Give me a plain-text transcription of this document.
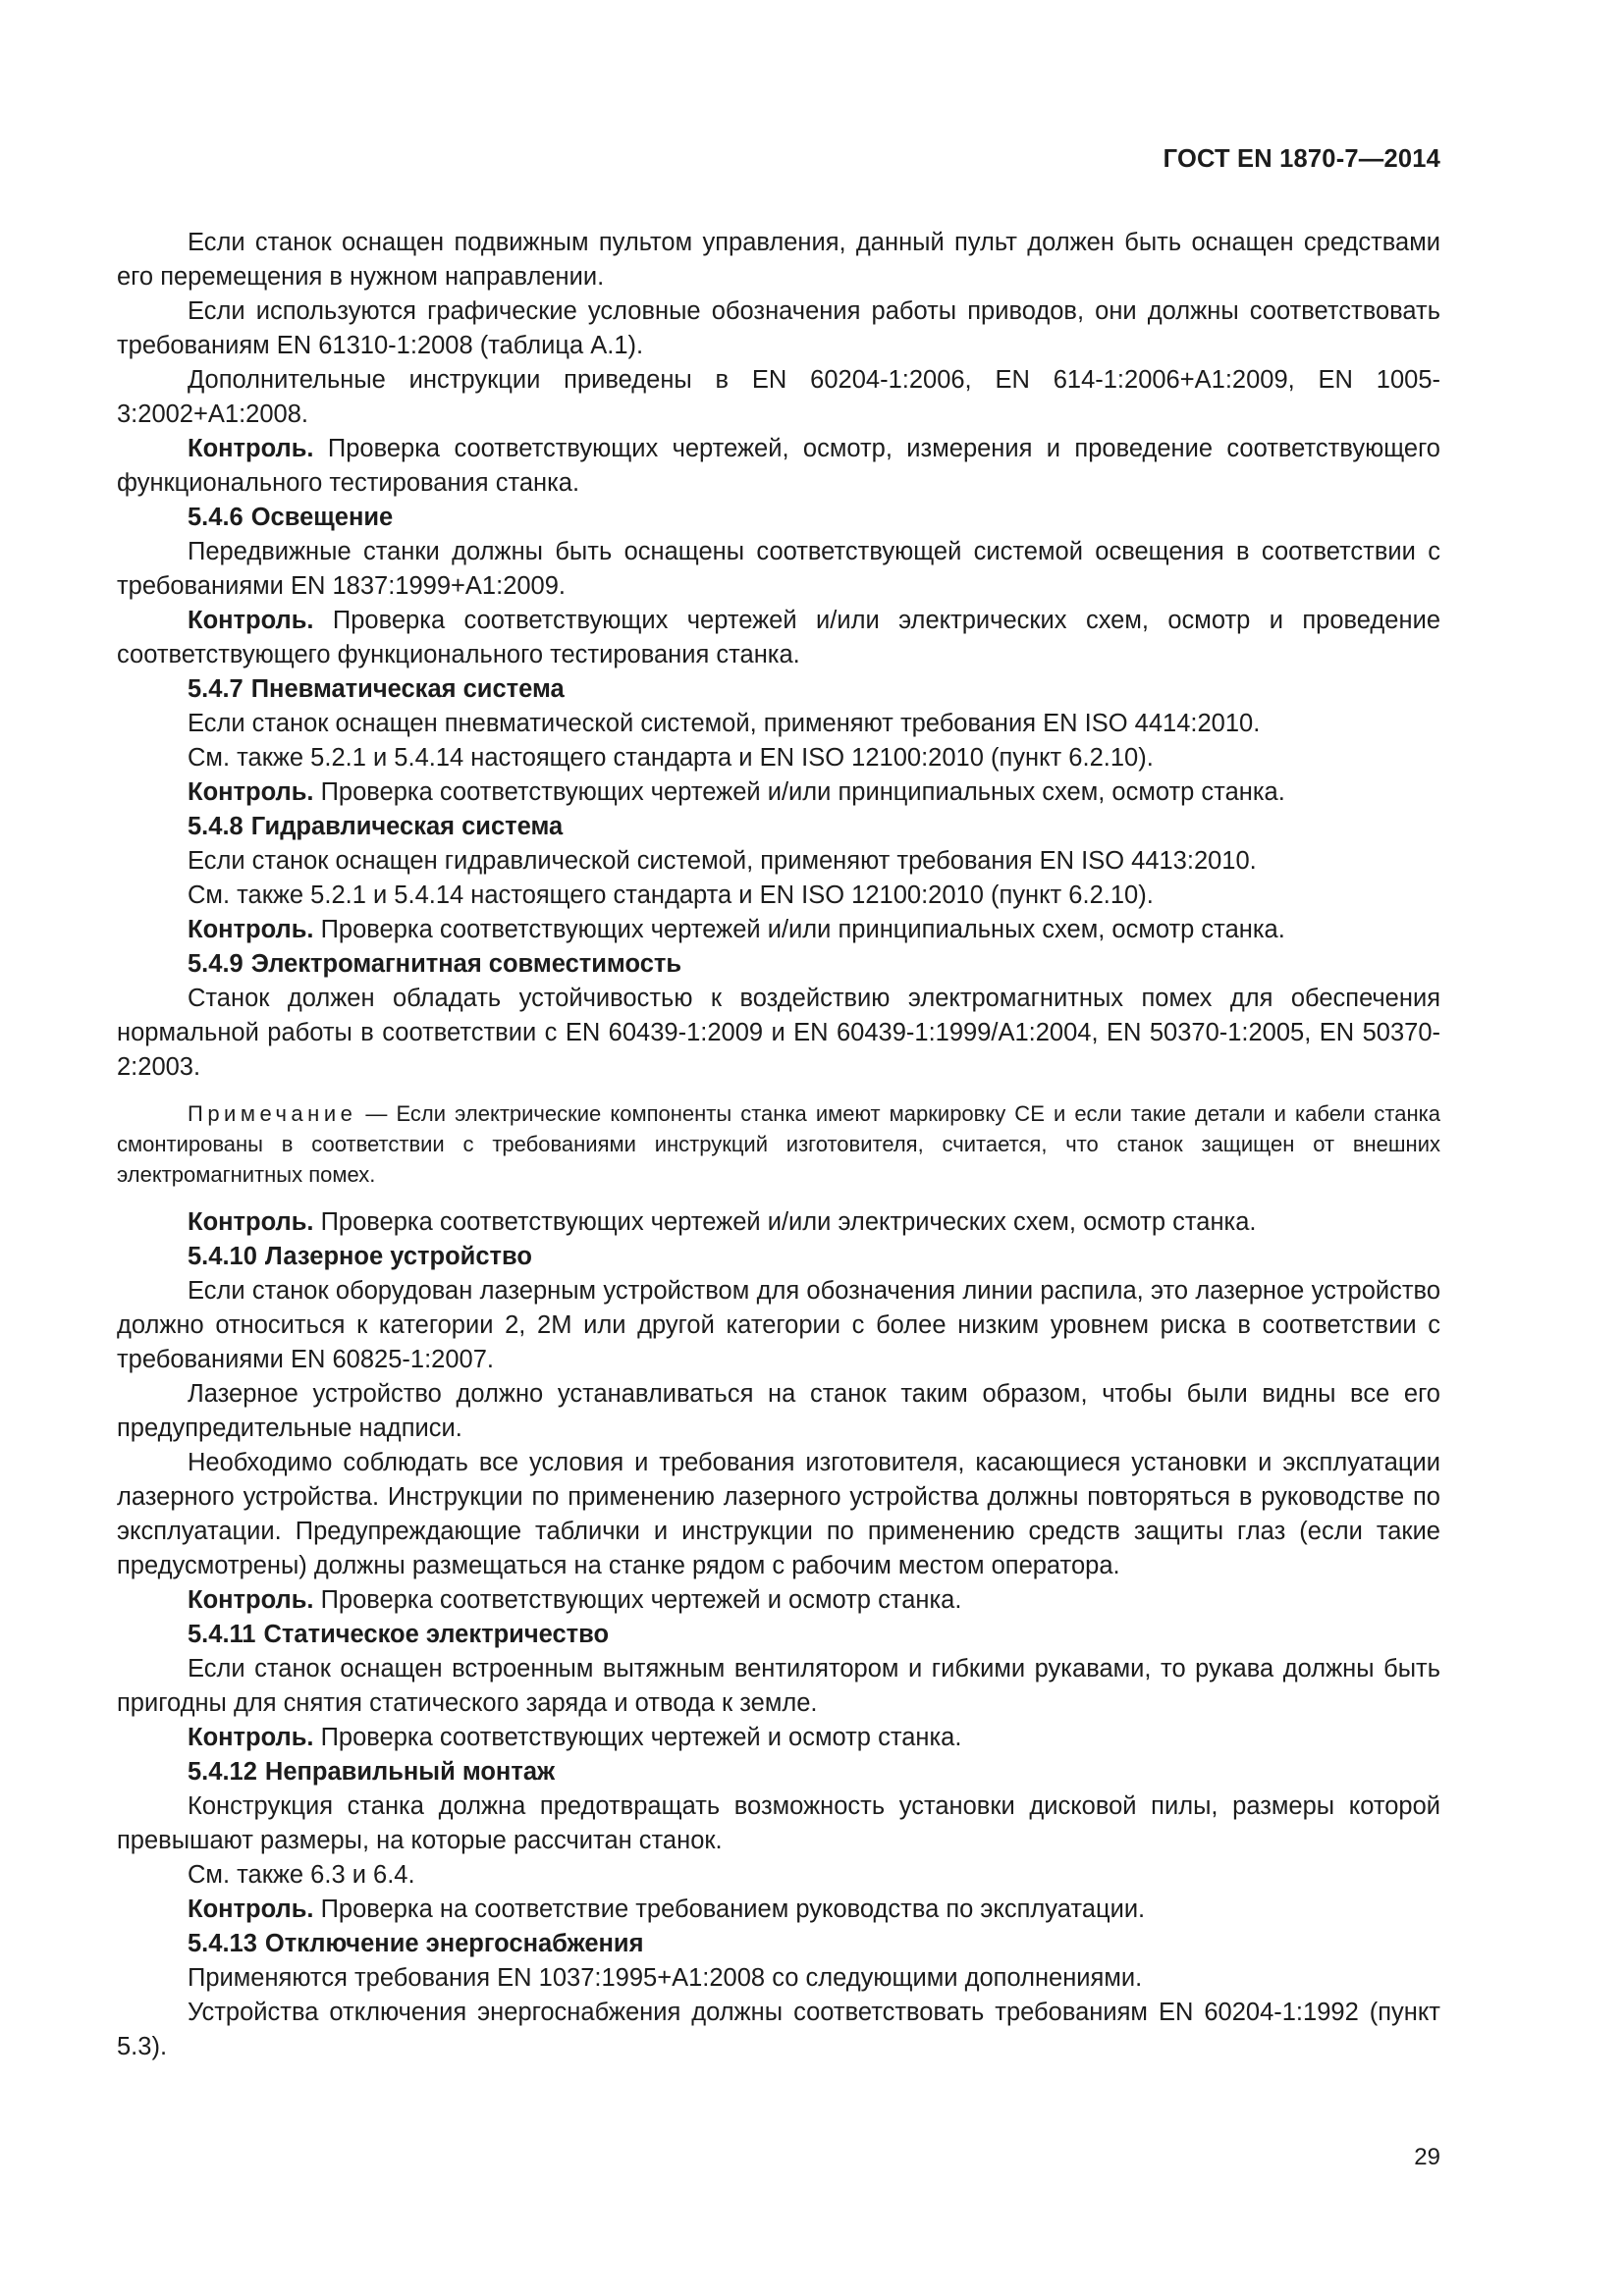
ГОСТ EN 1870-7—2014

Если станок оснащен подвижным пультом управления, данный пульт должен быть оснащен средствами его перемещения в нужном направлении.

Если используются графические условные обозначения работы приводов, они должны соответствовать требованиям EN 61310-1:2008 (таблица А.1).

Дополнительные инструкции приведены в EN 60204-1:2006, EN 614-1:2006+A1:2009, EN 1005-3:2002+A1:2008.

Контроль. Проверка соответствующих чертежей, осмотр, измерения и проведение соответствующего функционального тестирования станка.

5.4.6 Освещение

Передвижные станки должны быть оснащены соответствующей системой освещения в соответствии с требованиями EN 1837:1999+A1:2009.

Контроль. Проверка соответствующих чертежей и/или электрических схем, осмотр и проведение соответствующего функционального тестирования станка.

5.4.7 Пневматическая система

Если станок оснащен пневматической системой, применяют требования EN ISO 4414:2010.

См. также 5.2.1 и 5.4.14 настоящего стандарта и EN ISO 12100:2010 (пункт 6.2.10).

Контроль. Проверка соответствующих чертежей и/или принципиальных схем, осмотр станка.

5.4.8 Гидравлическая система

Если станок оснащен гидравлической системой, применяют требования EN ISO 4413:2010.

См. также 5.2.1 и 5.4.14 настоящего стандарта и EN ISO 12100:2010 (пункт 6.2.10).

Контроль. Проверка соответствующих чертежей и/или принципиальных схем, осмотр станка.

5.4.9 Электромагнитная совместимость

Станок должен обладать устойчивостью к воздействию электромагнитных помех для обеспечения нормальной работы в соответствии с EN 60439-1:2009 и EN 60439-1:1999/A1:2004, EN 50370-1:2005, EN 50370-2:2003.

Примечание — Если электрические компоненты станка имеют маркировку CE и если такие детали и кабели станка смонтированы в соответствии с требованиями инструкций изготовителя, считается, что станок защищен от внешних электромагнитных помех.

Контроль. Проверка соответствующих чертежей и/или электрических схем, осмотр станка.

5.4.10 Лазерное устройство

Если станок оборудован лазерным устройством для обозначения линии распила, это лазерное устройство должно относиться к категории 2, 2М или другой категории с более низким уровнем риска в соответствии с требованиями EN 60825-1:2007.

Лазерное устройство должно устанавливаться на станок таким образом, чтобы были видны все его предупредительные надписи.

Необходимо соблюдать все условия и требования изготовителя, касающиеся установки и эксплуатации лазерного устройства. Инструкции по применению лазерного устройства должны повторяться в руководстве по эксплуатации. Предупреждающие таблички и инструкции по применению средств защиты глаз (если такие предусмотрены) должны размещаться на станке рядом с рабочим местом оператора.

Контроль. Проверка соответствующих чертежей и осмотр станка.

5.4.11 Статическое электричество

Если станок оснащен встроенным вытяжным вентилятором и гибкими рукавами, то рукава должны быть пригодны для снятия статического заряда и отвода к земле.

Контроль. Проверка соответствующих чертежей и осмотр станка.

5.4.12 Неправильный монтаж

Конструкция станка должна предотвращать возможность установки дисковой пилы, размеры которой превышают размеры, на которые рассчитан станок.

См. также 6.3 и 6.4.

Контроль. Проверка на соответствие требованием руководства по эксплуатации.

5.4.13 Отключение энергоснабжения

Применяются требования EN 1037:1995+A1:2008 со следующими дополнениями.

Устройства отключения энергоснабжения должны соответствовать требованиям EN 60204-1:1992 (пункт 5.3).

29
